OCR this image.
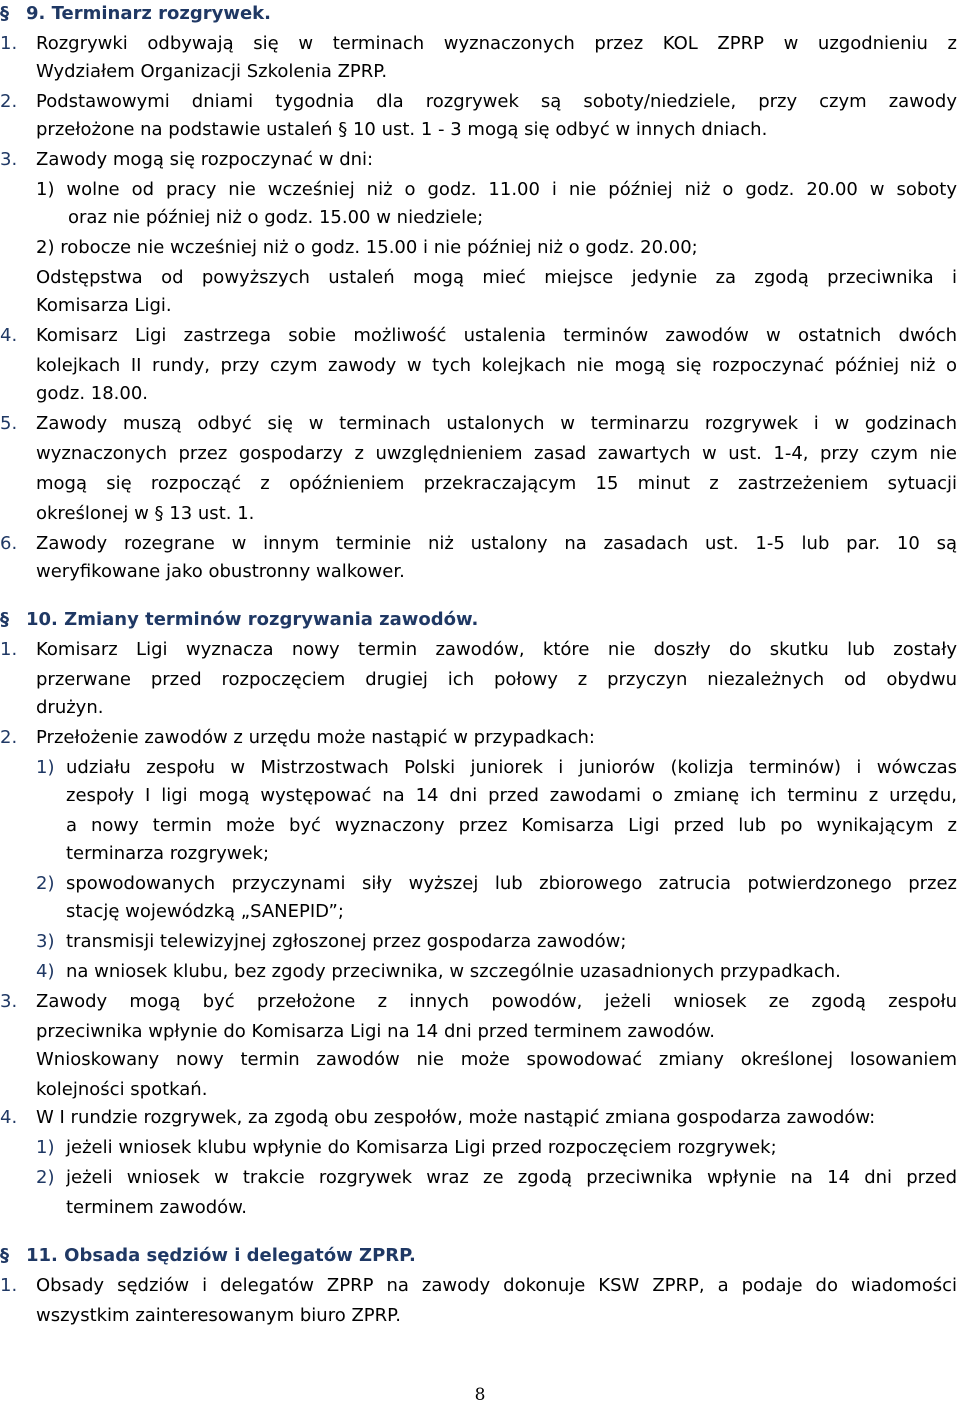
§ 9. Terminarz rozgrywek.
1. Rozgrywki odbywają się w terminach wyznaczonych przez KOL ZPRP w uzgodnieniu z
Wydziałem Organizacji Szkolenia ZPRP.
2. Podstawowymi dniami tygodnia dla rozgrywek są soboty/niedziele, przy czym zawody
przełożone na podstawie ustaleń § 10 ust. 1 - 3 mogą się odbyć w innych dniach.
3. Zawody mogą się rozpoczynać w dni:
1) wolne od pracy nie wcześniej niż o godz. 11.00 i nie później niż o godz. 20.00 w soboty
oraz nie później niż o godz. 15.00 w niedziele;
2) robocze nie wcześniej niż o godz. 15.00 i nie później niż o godz. 20.00;
Odstępstwa od powyższych ustaleń mogą mieć miejsce jedynie za zgodą przeciwnika i
Komisarza Ligi.
4. Komisarz Ligi zastrzega sobie możliwość ustalenia terminów zawodów w ostatnich dwóch
kolejkach II rundy, przy czym zawody w tych kolejkach nie mogą się rozpoczynać później niż o
godz. 18.00.
5. Zawody muszą odbyć się w terminach ustalonych w terminarzu rozgrywek i w godzinach
wyznaczonych przez gospodarzy z uwzględnieniem zasad zawartych w ust. 1-4, przy czym nie
mogą się rozpocząć z opóźnieniem przekraczającym 15 minut z zastrzeżeniem sytuacji
określonej w § 13 ust. 1.
6. Zawody rozegrane w innym terminie niż ustalony na zasadach ust. 1-5 lub par. 10 są
weryfikowane jako obustronny walkower.
§ 10. Zmiany terminów rozgrywania zawodów.
1. Komisarz Ligi wyznacza nowy termin zawodów, które nie doszły do skutku lub zostały
przerwane przed rozpoczęciem drugiej ich połowy z przyczyn niezależnych od obydwu
drużyn.
2. Przełożenie zawodów z urzędu może nastąpić w przypadkach:
1) udziału zespołu w Mistrzostwach Polski juniorek i juniorów (kolizja terminów) i wówczas
zespoły I ligi mogą występować na 14 dni przed zawodami o zmianę ich terminu z urzędu,
a nowy termin może być wyznaczony przez Komisarza Ligi przed lub po wynikającym z
terminarza rozgrywek;
2) spowodowanych przyczynami siły wyższej lub zbiorowego zatrucia potwierdzonego przez
stację wojewódzką „SANEPID”;
3) transmisji telewizyjnej zgłoszonej przez gospodarza zawodów;
4) na wniosek klubu, bez zgody przeciwnika, w szczególnie uzasadnionych przypadkach.
3. Zawody mogą być przełożone z innych powodów, jeżeli wniosek ze zgodą zespołu
przeciwnika wpłynie do Komisarza Ligi na 14 dni przed terminem zawodów.
Wnioskowany nowy termin zawodów nie może spowodować zmiany określonej losowaniem
kolejności spotkań.
4. W I rundzie rozgrywek, za zgodą obu zespołów, może nastąpić zmiana gospodarza zawodów:
1) jeżeli wniosek klubu wpłynie do Komisarza Ligi przed rozpoczęciem rozgrywek;
2) jeżeli wniosek w trakcie rozgrywek wraz ze zgodą przeciwnika wpłynie na 14 dni przed
terminem zawodów.
§ 11. Obsada sędziów i delegatów ZPRP.
1. Obsady sędziów i delegatów ZPRP na zawody dokonuje KSW ZPRP, a podaje do wiadomości
wszystkim zainteresowanym biuro ZPRP.
8
